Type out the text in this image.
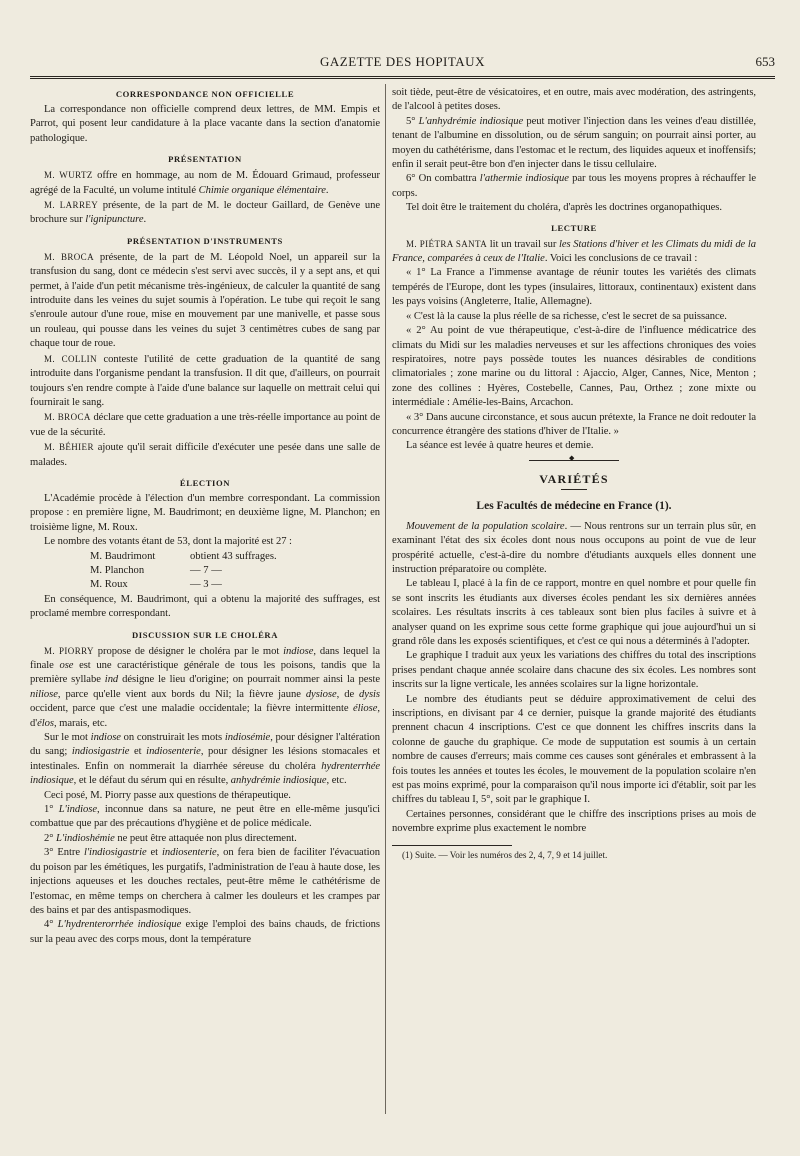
GAZETTE DES HOPITAUX	653
CORRESPONDANCE NON OFFICIELLE

La correspondance non officielle comprend deux lettres, de MM. Empis et Parrot, qui posent leur candidature à la place vacante dans la section d'anatomie pathologique.

PRÉSENTATION

M. WURTZ offre en hommage, au nom de M. Édouard Grimaud, professeur agrégé de la Faculté, un volume intitulé Chimie organique élémentaire.

M. LARREY présente, de la part de M. le docteur Gaillard, de Genève une brochure sur l'ignipuncture.

PRÉSENTATION D'INSTRUMENTS

M. BROCA présente, de la part de M. Léopold Noel, un appareil sur la transfusion du sang, dont ce médecin s'est servi avec succès, il y a sept ans, et qui permet, à l'aide d'un petit mécanisme très-ingénieux, de calculer la quantité de sang introduite dans les veines du sujet soumis à l'opération. Le tube qui reçoit le sang s'enroule autour d'une roue, mise en mouvement par une manivelle, et passe sous un rouleau, qui pousse dans les veines du sujet 3 centimètres cubes de sang par chaque tour de roue.

M. COLLIN conteste l'utilité de cette graduation de la quantité de sang introduite dans l'organisme pendant la transfusion. Il dit que, d'ailleurs, on pourrait toujours s'en rendre compte à l'aide d'une balance sur laquelle on mettrait celui qui fournirait le sang.

M. BROCA déclare que cette graduation a une très-réelle importance au point de vue de la sécurité.

M. BÉHIER ajoute qu'il serait difficile d'exécuter une pesée dans une salle de malades.

ÉLECTION

L'Académie procède à l'élection d'un membre correspondant. La commission propose : en première ligne, M. Baudrimont; en deuxième ligne, M. Planchon; en troisième ligne, M. Roux.

Le nombre des votants étant de 53, dont la majorité est 27 :

M. Baudrimont	obtient 43 suffrages.
M. Planchon	— 7 —
M. Roux	— 3 —

En conséquence, M. Baudrimont, qui a obtenu la majorité des suffrages, est proclamé membre correspondant.

DISCUSSION SUR LE CHOLÉRA

M. PIORRY propose de désigner le choléra par le mot indiose, dans lequel la finale ose est une caractéristique générale de tous les poisons, tandis que la première syllabe ind désigne le lieu d'origine; on pourrait nommer ainsi la peste niliose, parce qu'elle vient aux bords du Nil; la fièvre jaune dysiose, de dysis occident, parce que c'est une maladie occidentale; la fièvre intermittente éliose, d'élos, marais, etc.

Sur le mot indiose on construirait les mots indiosémie, pour désigner l'altération du sang; indiosigastrie et indiosenterie, pour désigner les lésions stomacales et intestinales. Enfin on nommerait la diarrhée séreuse du choléra hydrenterrhée indiosique, et le défaut du sérum qui en résulte, anhydrémie indiosique, etc.

Ceci posé, M. Piorry passe aux questions de thérapeutique.

1° L'indiose, inconnue dans sa nature, ne peut être en elle-même jusqu'ici combattue que par des précautions d'hygiène et de police médicale.

2° L'indioshémie ne peut être attaquée non plus directement.

3° Entre l'indiosigastrie et indiosenterie, on fera bien de faciliter l'évacuation du poison par les émétiques, les purgatifs, l'administration de l'eau à haute dose, les injections aqueuses et les douches rectales, peut-être même le cathétérisme de l'estomac, en même temps on cherchera à calmer les douleurs et les crampes par des bains et par des antispasmodiques.

4° L'hydrenterorrhée indiosique exige l'emploi des bains chauds, de frictions sur la peau avec des corps mous, dont la température

soit tiède, peut-être de vésicatoires, et en outre, mais avec modération, des astringents, de l'alcool à petites doses.

5° L'anhydrémie indiosique peut motiver l'injection dans les veines d'eau distillée, tenant de l'albumine en dissolution, ou de sérum sanguin; on pourrait ainsi porter, au moyen du cathétérisme, dans l'estomac et le rectum, des liquides aqueux et inoffensifs; enfin il serait peut-être bon d'en injecter dans le tissu cellulaire.

6° On combattra l'athermie indiosique par tous les moyens propres à réchauffer le corps.

Tel doit être le traitement du choléra, d'après les doctrines organopathiques.

LECTURE

M. PIÉTRA SANTA lit un travail sur les Stations d'hiver et les Climats du midi de la France, comparées à ceux de l'Italie. Voici les conclusions de ce travail :

« 1° La France a l'immense avantage de réunir toutes les variétés des climats tempérés de l'Europe, dont les types (insulaires, littoraux, continentaux) existent dans les pays voisins (Angleterre, Italie, Allemagne).

« C'est là la cause la plus réelle de sa richesse, c'est le secret de sa puissance.

« 2° Au point de vue thérapeutique, c'est-à-dire de l'influence médicatrice des climats du Midi sur les maladies nerveuses et sur les affections chroniques des voies respiratoires, notre pays possède toutes les nuances désirables de conditions climatoriales ; zone marine ou du littoral : Ajaccio, Alger, Cannes, Nice, Menton ; zone des collines : Hyères, Costebelle, Cannes, Pau, Orthez ; zone mixte ou intermédiale : Amélie-les-Bains, Arcachon.

« 3° Dans aucune circonstance, et sous aucun prétexte, la France ne doit redouter la concurrence étrangère des stations d'hiver de l'Italie. »

La séance est levée à quatre heures et demie.

◆
VARIÉTÉS
Les Facultés de médecine en France (1).

Mouvement de la population scolaire. — Nous rentrons sur un terrain plus sûr, en examinant l'état des six écoles dont nous nous occupons au point de vue de leur prospérité actuelle, c'est-à-dire du nombre d'étudiants auxquels elles donnent une instruction préparatoire ou complète.

Le tableau I, placé à la fin de ce rapport, montre en quel nombre et pour quelle fin se sont inscrits les étudiants aux diverses écoles pendant les six dernières années scolaires. Les résultats inscrits à ces tableaux sont bien plus faciles à suivre et à analyser quand on les exprime sous cette forme graphique qui joue aujourd'hui un si grand rôle dans les exposés scientifiques, et c'est ce qui nous a déterminés à l'adopter.

Le graphique I traduit aux yeux les variations des chiffres du total des inscriptions prises pendant chaque année scolaire dans chacune des six écoles. Les nombres sont inscrits sur la ligne verticale, les années scolaires sur la ligne horizontale.

Le nombre des étudiants peut se déduire approximativement de celui des inscriptions, en divisant par 4 ce dernier, puisque la grande majorité des étudiants prennent chacun 4 inscriptions. C'est ce que donnent les chiffres inscrits dans la colonne de gauche du graphique. Ce mode de supputation est soumis à un certain nombre de causes d'erreurs; mais comme ces causes sont générales et embrassent à la fois toutes les années et toutes les écoles, le mouvement de la population scolaire n'en est pas moins exprimé, pour la comparaison qu'il nous importe ici d'établir, soit par les chiffres du tableau I, 5°, soit par le graphique I.

Certaines personnes, considérant que le chiffre des inscriptions prises au mois de novembre exprime plus exactement le nombre

(1) Suite. — Voir les numéros des 2, 4, 7, 9 et 14 juillet.
